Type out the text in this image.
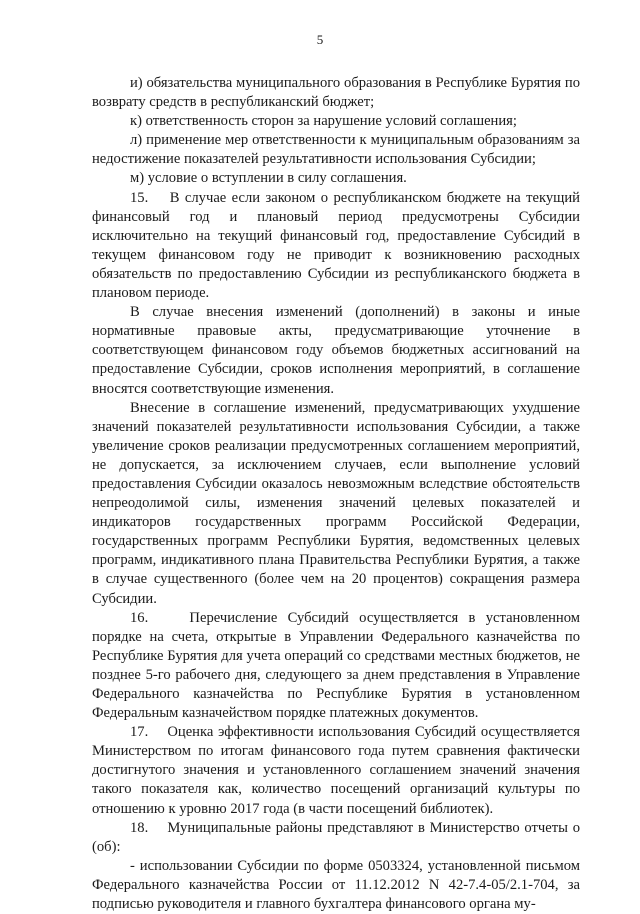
5

и) обязательства муниципального образования в Республике Бурятия по возврату средств в республиканский бюджет;

к) ответственность сторон за нарушение условий соглашения;

л) применение мер ответственности к муниципальным образованиям за недостижение показателей результативности использования Субсидии;

м) условие о вступлении в силу соглашения.

15.    В случае если законом о республиканском бюджете на текущий финансовый год и плановый период предусмотрены Субсидии исключительно на текущий финансовый год, предоставление Субсидий в текущем финансовом году не приводит к возникновению расходных обязательств по предоставлению Субсидии из республиканского бюджета в плановом периоде.

В случае внесения изменений (дополнений) в законы и иные нормативные правовые акты, предусматривающие уточнение в соответствующем финансовом году объемов бюджетных ассигнований на предоставление Субсидии, сроков исполнения мероприятий, в соглашение вносятся соответствующие изменения.

Внесение в соглашение изменений, предусматривающих ухудшение значений показателей результативности использования Субсидии, а также увеличение сроков реализации предусмотренных соглашением мероприятий, не допускается, за исключением случаев, если выполнение условий предоставления Субсидии оказалось невозможным вследствие обстоятельств непреодолимой силы, изменения значений целевых показателей и индикаторов государственных программ Российской Федерации, государственных программ Республики Бурятия, ведомственных целевых программ, индикативного плана Правительства Республики Бурятия, а также в случае существенного (более чем на 20 процентов) сокращения размера Субсидии.

16.    Перечисление Субсидий осуществляется в установленном порядке на счета, открытые в Управлении Федерального казначейства по Республике Бурятия для учета операций со средствами местных бюджетов, не позднее 5-го рабочего дня, следующего за днем представления в Управление Федерального казначейства по Республике Бурятия в установленном Федеральным казначейством порядке платежных документов.

17.    Оценка эффективности использования Субсидий осуществляется Министерством по итогам финансового года путем сравнения фактически достигнутого значения и установленного соглашением значений значения такого показателя как, количество посещений организаций культуры по отношению к уровню 2017 года (в части посещений библиотек).

18.    Муниципальные районы представляют в Министерство отчеты о (об):

- использовании Субсидии по форме 0503324, установленной письмом Федерального казначейства России от 11.12.2012 N 42-7.4-05/2.1-704, за подписью руководителя и главного бухгалтера финансового органа му-
